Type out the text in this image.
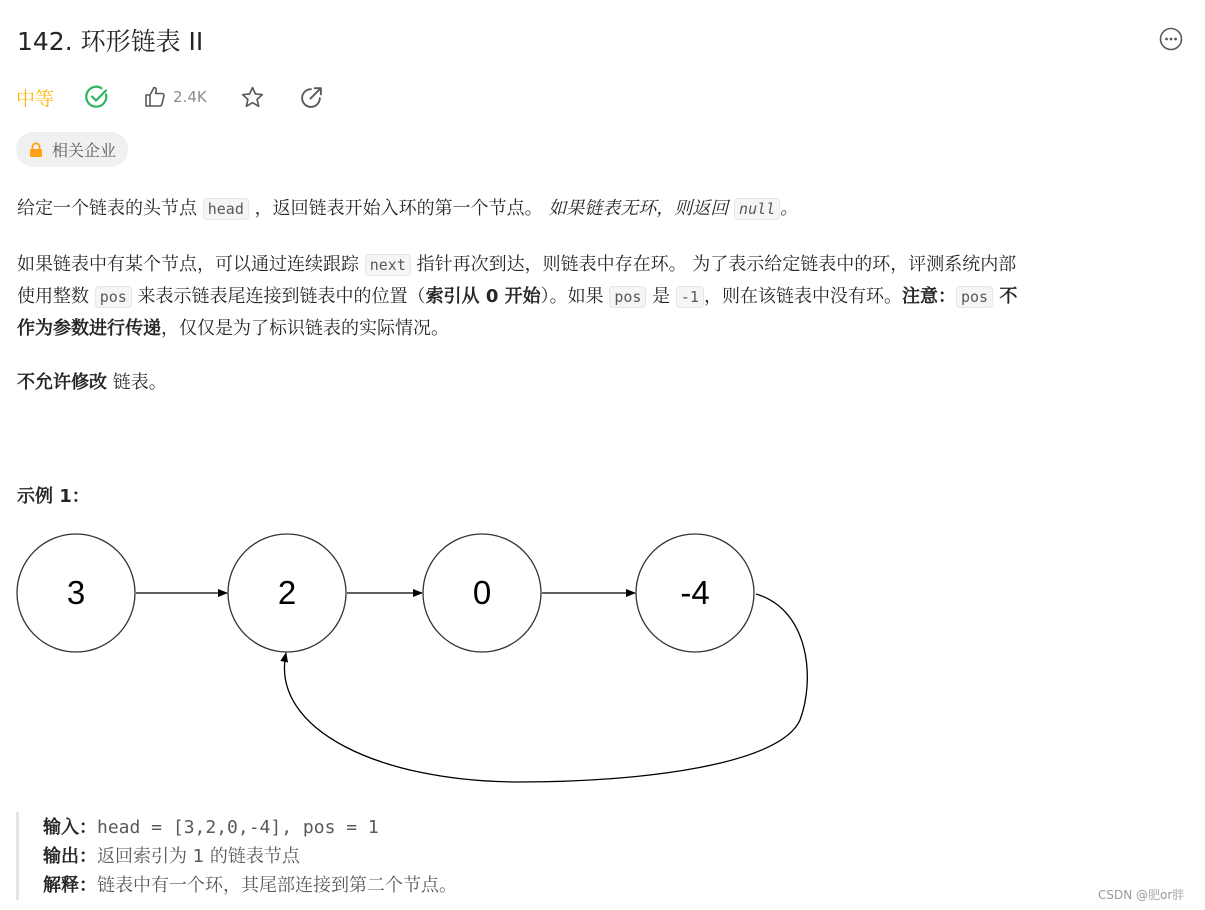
142. 环形链表 II
中等	2.4K
相关企业
给定一个链表的头节点 head ，返回链表开始入环的第一个节点。 如果链表无环，则返回 null 。
如果链表中有某个节点，可以通过连续跟踪 next 指针再次到达，则链表中存在环。 为了表示给定链表中的环，评测系统内部
使用整数 pos 来表示链表尾连接到链表中的位置（索引从 0 开始）。如果 pos 是 -1 ，则在该链表中没有环。注意： pos 不
作为参数进行传递，仅仅是为了标识链表的实际情况。
不允许修改 链表。
示例 1：
3	2	0	-4
输入：head = [3,2,0,-4], pos = 1
输出：返回索引为 1 的链表节点
解释：链表中有一个环，其尾部连接到第二个节点。	CSDN @肥or胖
